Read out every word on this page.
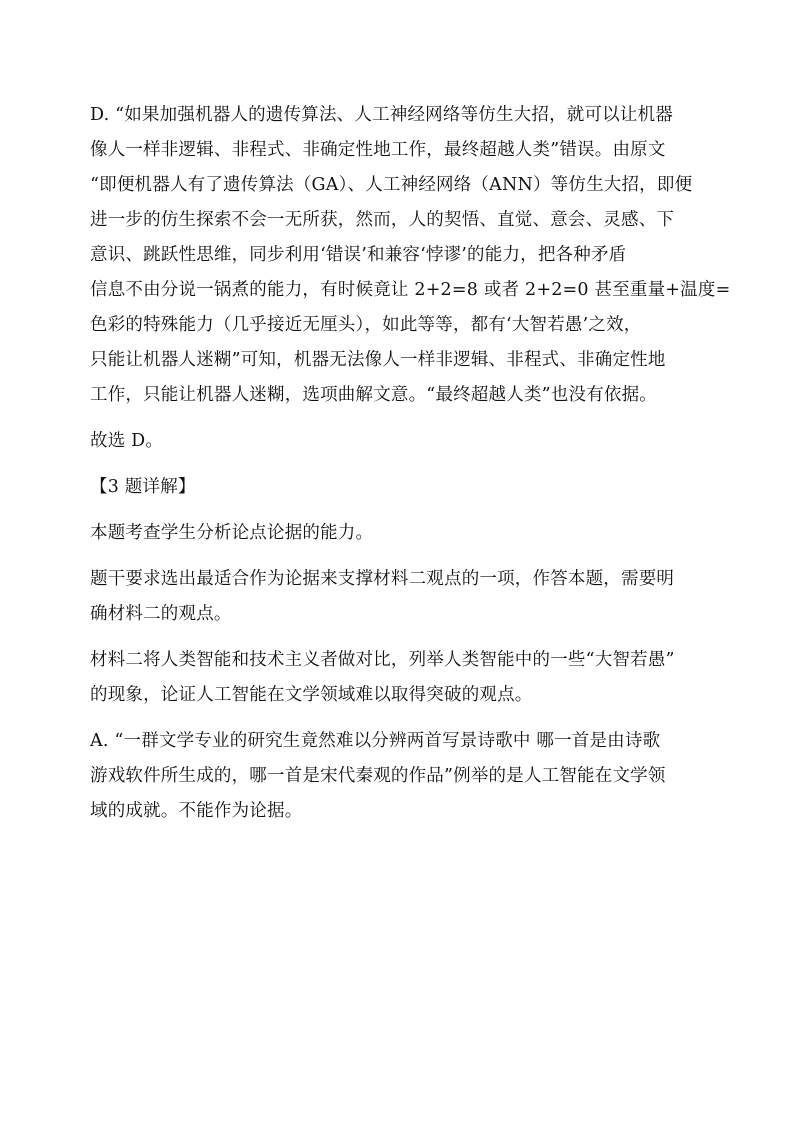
D. “如果加强机器人的遗传算法、人工神经网络等仿生大招，就可以让机器
像人一样非逻辑、非程式、非确定性地工作，最终超越人类”错误。由原文
“即便机器人有了遗传算法（GA）、人工神经网络（ANN）等仿生大招，即便
进一步的仿生探索不会一无所获，然而，人的契悟、直觉、意会、灵感、下
意识、跳跃性思维，同步利用‘错误’和兼容‘悖谬’的能力，把各种矛盾
信息不由分说一锅煮的能力，有时候竟让 2+2=8 或者 2+2=0 甚至重量+温度=
色彩的特殊能力（几乎接近无厘头），如此等等，都有‘大智若愚’之效，
只能让机器人迷糊”可知，机器无法像人一样非逻辑、非程式、非确定性地
工作，只能让机器人迷糊，选项曲解文意。“最终超越人类”也没有依据。

故选 D。

【3 题详解】

本题考查学生分析论点论据的能力。

题干要求选出最适合作为论据来支撑材料二观点的一项，作答本题，需要明
确材料二的观点。

材料二将人类智能和技术主义者做对比，列举人类智能中的一些“大智若愚”
的现象，论证人工智能在文学领域难以取得突破的观点。

A. “一群文学专业的研究生竟然难以分辨两首写景诗歌中 哪一首是由诗歌
游戏软件所生成的，哪一首是宋代秦观的作品”例举的是人工智能在文学领
域的成就。不能作为论据。
